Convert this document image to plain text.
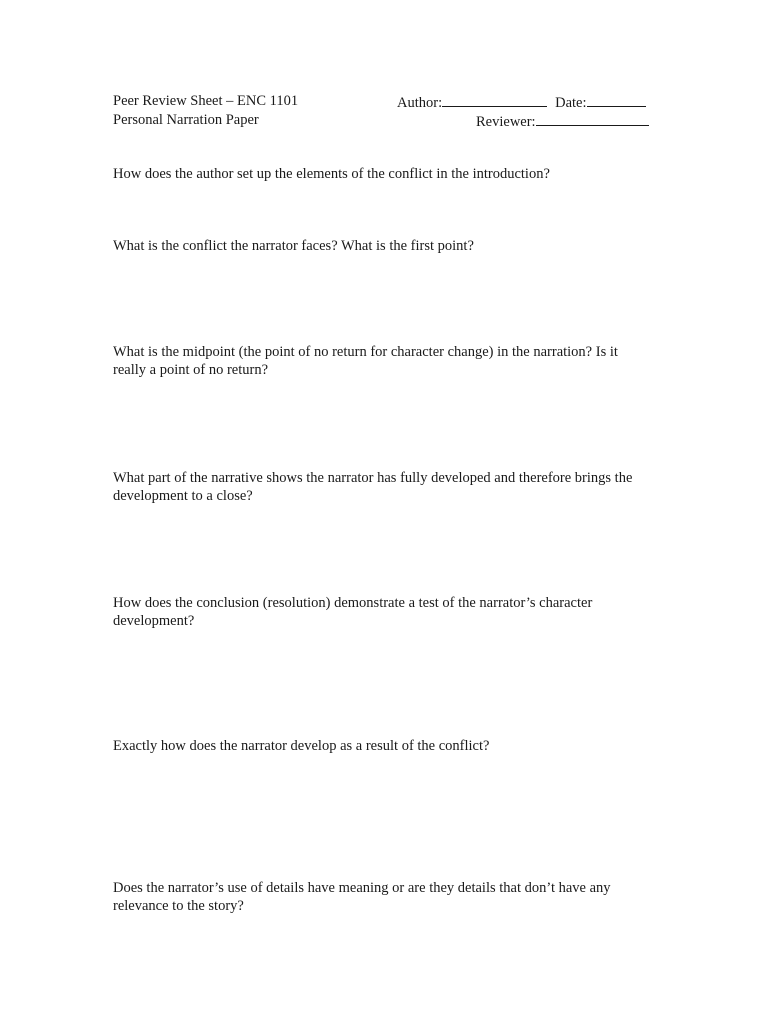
Peer Review Sheet – ENC 1101
Personal Narration Paper
Author:	Date:
Reviewer:
How does the author set up the elements of the conflict in the introduction?
What is the conflict the narrator faces? What is the first point?
What is the midpoint (the point of no return for character change) in the narration? Is it really a point of no return?
What part of the narrative shows the narrator has fully developed and therefore brings the development to a close?
How does the conclusion (resolution) demonstrate a test of the narrator’s character development?
Exactly how does the narrator develop as a result of the conflict?
Does the narrator’s use of details have meaning or are they details that don’t have any relevance to the story?
